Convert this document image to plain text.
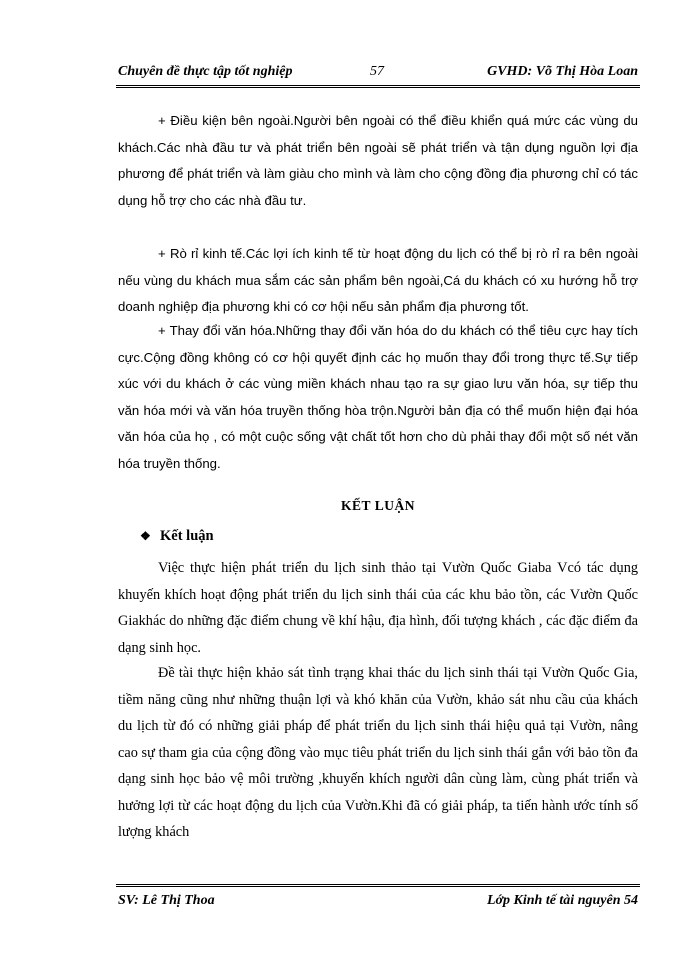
Chuyên đề thực tập tốt nghiệp	57	GVHD: Võ Thị Hòa Loan

+ Điều kiện bên ngoài.Người bên ngoài có thể điều khiển quá mức các vùng du khách.Các nhà đầu tư và phát triển bên ngoài sẽ phát triển và tận dụng nguồn lợi địa phương để phát triển và làm giàu cho mình và làm cho cộng đồng địa phương chỉ có tác dụng hỗ trợ cho các nhà đầu tư.

+ Rò rỉ kinh tế.Các lợi ích kinh tế từ hoạt động du lịch có thể bị rò rỉ ra bên ngoài nếu vùng du khách mua sắm các sản phẩm bên ngoài,Cá du khách có xu hướng hỗ trợ doanh nghiệp địa phương khi có cơ hội nếu sản phẩm địa phương tốt.

+ Thay đổi văn hóa.Những thay đổi văn hóa do du khách có thể tiêu cực hay tích cực.Cộng đồng không có cơ hội quyết định các họ muốn thay đổi trong thực tế.Sự tiếp xúc với du khách ở các vùng miền khách nhau tạo ra sự giao lưu văn hóa, sự tiếp thu văn hóa mới và văn hóa truyền thống hòa trộn.Người bản địa có thể muốn hiện đại hóa văn hóa của họ , có một cuộc sống vật chất tốt hơn cho dù phải thay đổi một số nét văn hóa truyền thống.

KẾT LUẬN
❖ Kết luận

Việc thực hiện phát triển du lịch sinh thảo tại Vườn Quốc Giaba Vcó tác dụng khuyến khích hoạt động phát triển du lịch sinh thái của các khu bảo tồn, các Vườn Quốc Giakhác do những đặc điểm chung về khí hậu, địa hình, đối tượng khách , các đặc điểm đa dạng sinh học.

Đề tài thực hiện khảo sát tình trạng khai thác du lịch sinh thái tại Vườn Quốc Gia, tiềm năng cũng như những thuận lợi và khó khăn của Vườn, khảo sát nhu cầu của khách du lịch từ đó có những giải pháp để phát triển du lịch sinh thái hiệu quả tại Vườn, nâng cao sự tham gia của cộng đồng vào mục tiêu phát triển du lịch sinh thái gắn với bảo tồn đa dạng sinh học bảo vệ môi trường ,khuyến khích người dân cùng làm, cùng phát triển và hưởng lợi từ các hoạt động du lịch của Vườn.Khi đã có giải pháp, ta tiến hành ước tính số lượng khách

SV: Lê Thị Thoa	Lớp Kinh tế tài nguyên 54
